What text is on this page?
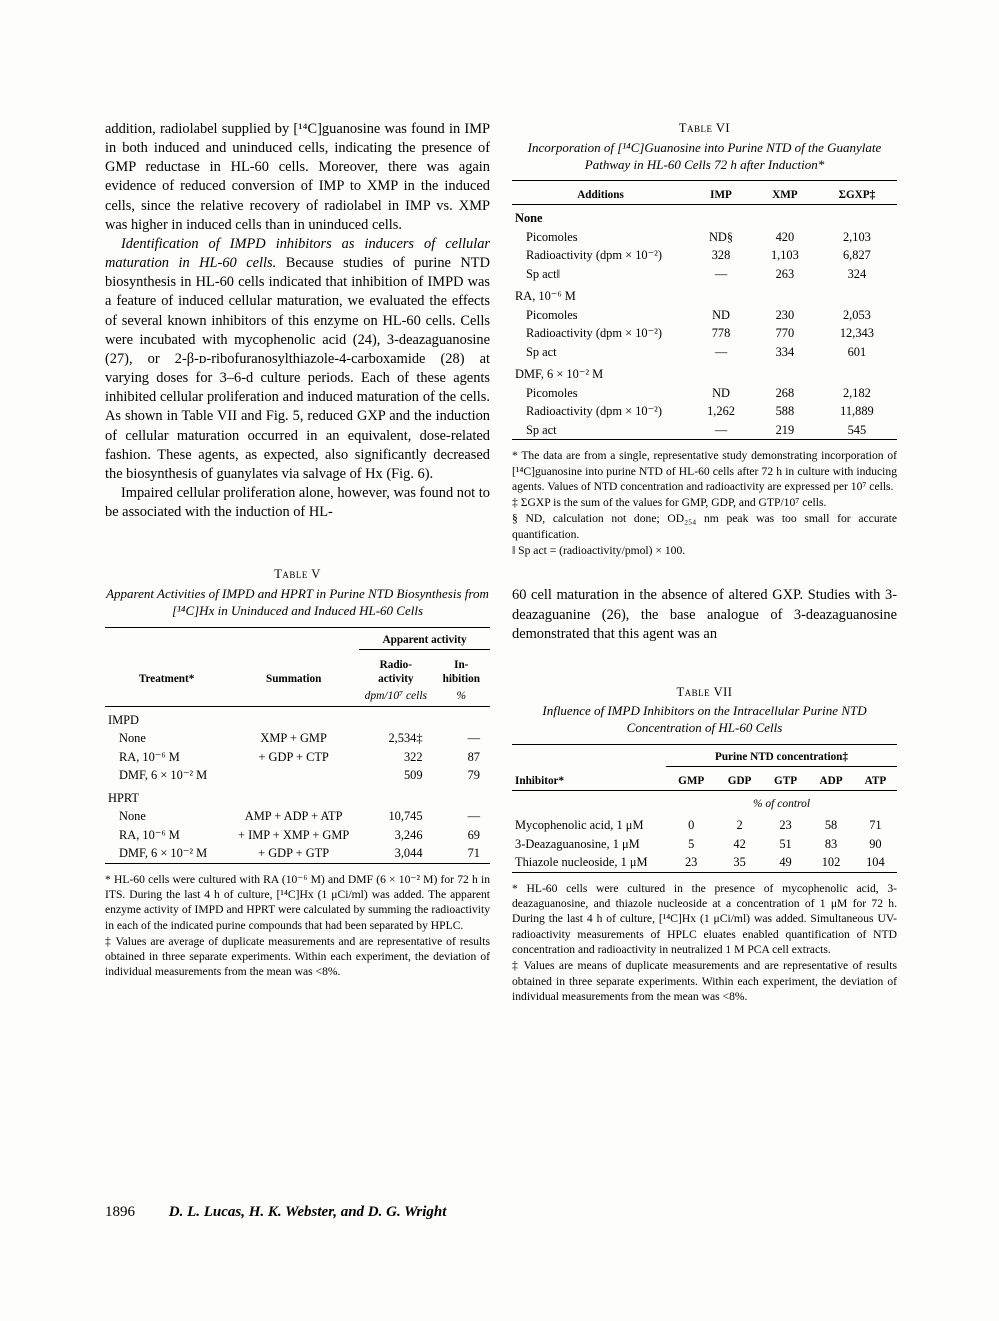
addition, radiolabel supplied by [¹⁴C]guanosine was found in IMP in both induced and uninduced cells, indicating the presence of GMP reductase in HL-60 cells. Moreover, there was again evidence of reduced conversion of IMP to XMP in the induced cells, since the relative recovery of radiolabel in IMP vs. XMP was higher in induced cells than in uninduced cells.

Identification of IMPD inhibitors as inducers of cellular maturation in HL-60 cells. Because studies of purine NTD biosynthesis in HL-60 cells indicated that inhibition of IMPD was a feature of induced cellular maturation, we evaluated the effects of several known inhibitors of this enzyme on HL-60 cells. Cells were incubated with mycophenolic acid (24), 3-deazaguanosine (27), or 2-β-ᴅ-ribofuranosylthiazole-4-carboxamide (28) at varying doses for 3–6-d culture periods. Each of these agents inhibited cellular proliferation and induced maturation of the cells. As shown in Table VII and Fig. 5, reduced GXP and the induction of cellular maturation occurred in an equivalent, dose-related fashion. These agents, as expected, also significantly decreased the biosynthesis of guanylates via salvage of Hx (Fig. 6).

Impaired cellular proliferation alone, however, was found not to be associated with the induction of HL-

Table V
Apparent Activities of IMPD and HPRT in Purine NTD Biosynthesis from [¹⁴C]Hx in Uninduced and Induced HL-60 Cells
		Apparent activity	
Treatment*	Summation	Radio-activity	In-hibition
		dpm/10⁷ cells	%
IMPD			
None	XMP + GMP	2,534‡	—
RA, 10⁻⁶ M	+ GDP + CTP	322	87
DMF, 6 × 10⁻² M		509	79
HPRT			
None	AMP + ADP + ATP	10,745	—
RA, 10⁻⁶ M	+ IMP + XMP + GMP	3,246	69
DMF, 6 × 10⁻² M	+ GDP + GTP	3,044	71
* HL-60 cells were cultured with RA (10⁻⁶ M) and DMF (6 × 10⁻² M) for 72 h in ITS. During the last 4 h of culture, [¹⁴C]Hx (1 μCi/ml) was added. The apparent enzyme activity of IMPD and HPRT were calculated by summing the radioactivity in each of the indicated purine compounds that had been separated by HPLC.
‡ Values are average of duplicate measurements and are representative of results obtained in three separate experiments. Within each experiment, the deviation of individual measurements from the mean was <8%.
Table VI
Incorporation of [¹⁴C]Guanosine into Purine NTD of the Guanylate Pathway in HL-60 Cells 72 h after Induction*
Additions	IMP	XMP	ΣGXP‡
None			
Picomoles	ND§	420	2,103
Radioactivity (dpm × 10⁻²)	328	1,103	6,827
Sp act‖	—	263	324
RA, 10⁻⁶ M			
Picomoles	ND	230	2,053
Radioactivity (dpm × 10⁻²)	778	770	12,343
Sp act	—	334	601
DMF, 6 × 10⁻² M			
Picomoles	ND	268	2,182
Radioactivity (dpm × 10⁻²)	1,262	588	11,889
Sp act	—	219	545
* The data are from a single, representative study demonstrating incorporation of [¹⁴C]guanosine into purine NTD of HL-60 cells after 72 h in culture with inducing agents. Values of NTD concentration and radioactivity are expressed per 10⁷ cells.
‡ ΣGXP is the sum of the values for GMP, GDP, and GTP/10⁷ cells.
§ ND, calculation not done; OD₂₅₄ nm peak was too small for accurate quantification.
‖ Sp act = (radioactivity/pmol) × 100.

60 cell maturation in the absence of altered GXP. Studies with 3-deazaguanine (26), the base analogue of 3-deazaguanosine demonstrated that this agent was an

Table VII
Influence of IMPD Inhibitors on the Intracellular Purine NTD Concentration of HL-60 Cells
	Purine NTD concentration‡				
Inhibitor*	GMP	GDP	GTP	ADP	ATP
	% of control				
Mycophenolic acid, 1 μM	0	2	23	58	71
3-Deazaguanosine, 1 μM	5	42	51	83	90
Thiazole nucleoside, 1 μM	23	35	49	102	104
* HL-60 cells were cultured in the presence of mycophenolic acid, 3-deazaguanosine, and thiazole nucleoside at a concentration of 1 μM for 72 h. During the last 4 h of culture, [¹⁴C]Hx (1 μCi/ml) was added. Simultaneous UV-radioactivity measurements of HPLC eluates enabled quantification of NTD concentration and radioactivity in neutralized 1 M PCA cell extracts.
‡ Values are means of duplicate measurements and are representative of results obtained in three separate experiments. Within each experiment, the deviation of individual measurements from the mean was <8%.
1896 D. L. Lucas, H. K. Webster, and D. G. Wright
